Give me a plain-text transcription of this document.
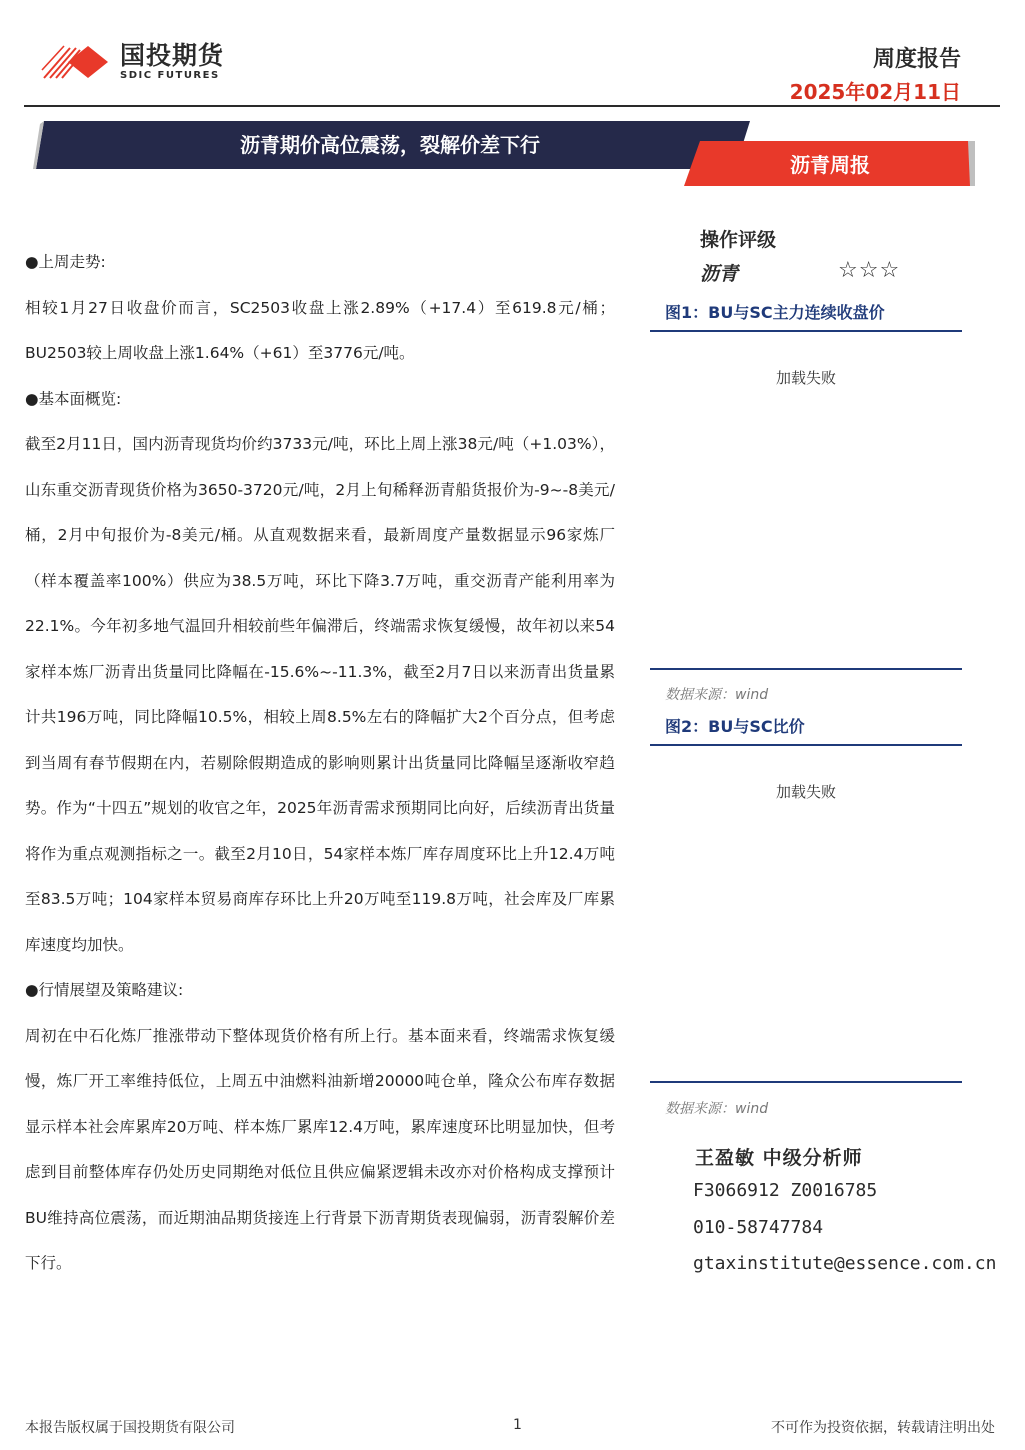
国投期货
SDIC FUTURES
周度报告
2025年02月11日
沥青期价高位震荡，裂解价差下行
沥青周报
●上周走势:

相较1月27日收盘价而言，SC2503收盘上涨2.89%（+17.4）至619.8元/桶；BU2503较上周收盘上涨1.64%（+61）至3776元/吨。

●基本面概览:

截至2月11日，国内沥青现货均价约3733元/吨，环比上周上涨38元/吨（+1.03%），山东重交沥青现货价格为3650-3720元/吨，2月上旬稀释沥青船货报价为-9~-8美元/桶，2月中旬报价为-8美元/桶。从直观数据来看，最新周度产量数据显示96家炼厂（样本覆盖率100%）供应为38.5万吨，环比下降3.7万吨，重交沥青产能利用率为22.1%。今年初多地气温回升相较前些年偏滞后，终端需求恢复缓慢，故年初以来54家样本炼厂沥青出货量同比降幅在-15.6%~-11.3%，截至2月7日以来沥青出货量累计共196万吨，同比降幅10.5%，相较上周8.5%左右的降幅扩大2个百分点，但考虑到当周有春节假期在内，若剔除假期造成的影响则累计出货量同比降幅呈逐渐收窄趋势。作为“十四五”规划的收官之年，2025年沥青需求预期同比向好，后续沥青出货量将作为重点观测指标之一。截至2月10日，54家样本炼厂库存周度环比上升12.4万吨至83.5万吨；104家样本贸易商库存环比上升20万吨至119.8万吨，社会库及厂库累库速度均加快。

●行情展望及策略建议:

周初在中石化炼厂推涨带动下整体现货价格有所上行。基本面来看，终端需求恢复缓慢，炼厂开工率维持低位，上周五中油燃料油新增20000吨仓单，隆众公布库存数据显示样本社会库累库20万吨、样本炼厂累库12.4万吨，累库速度环比明显加快，但考虑到目前整体库存仍处历史同期绝对低位且供应偏紧逻辑未改亦对价格构成支撑预计BU维持高位震荡，而近期油品期货接连上行背景下沥青期货表现偏弱，沥青裂解价差下行。

操作评级
沥青	☆☆☆
图1：BU与SC主力连续收盘价
加载失败
数据来源：wind
图2：BU与SC比价
加载失败
数据来源：wind
王盈敏 中级分析师
F3066912 Z0016785
010-58747784
gtaxinstitute@essence.com.cn
本报告版权属于国投期货有限公司	1	不可作为投资依据，转载请注明出处
